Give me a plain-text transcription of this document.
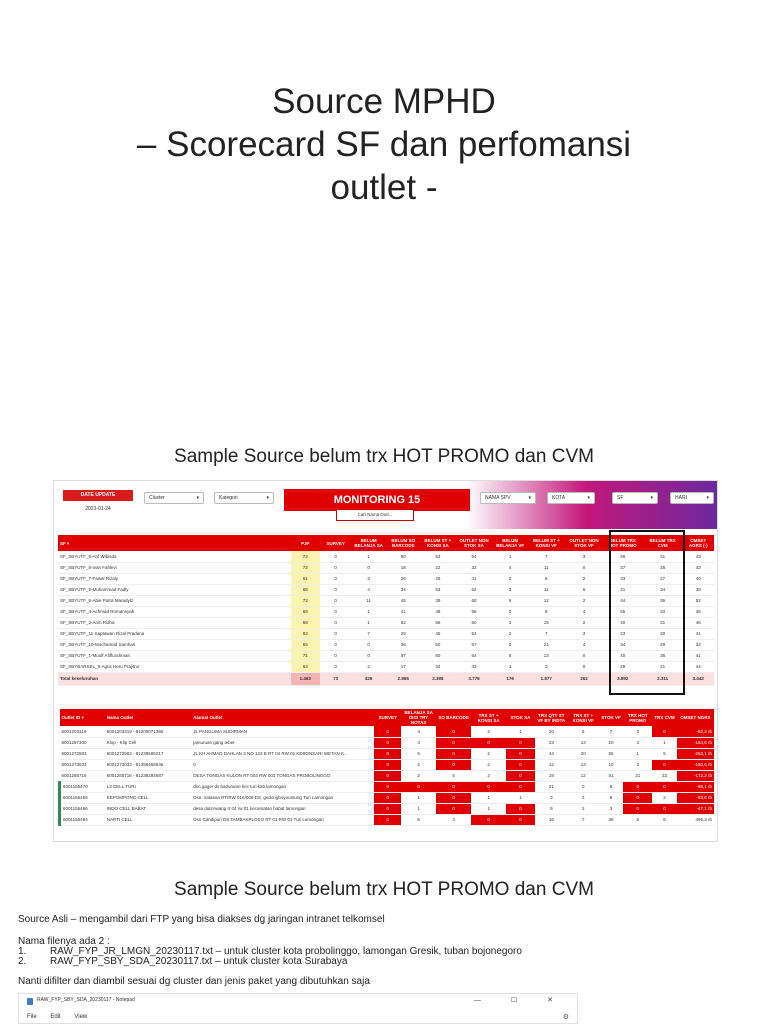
Source MPHD
– Scorecard SF dan perfomansi
outlet -
Sample Source belum trx HOT PROMO dan CVM
DATE UPDATE
2023-01-24
Cluster	▾	Kategori	▾	MONITORING 15
Cari Nama Outl...
NAMA SPV	▾	KOTA	▾	SF	▾	HARI	▾
SF ▾	PJP	SURVEY	BELUM BELANJA SA	BELUM SO BARCODE	BELUM ST + KONSI SA	OUTLET NON STOK SA	BELUM BELANJA VF	BELUM ST + KONSI VF	OUTLET NON STOK VF	BELUM TRX HOT PROMO	BELUM TRX CVM	OMSET AGRS (-)
SF_SBYUTF_5-Arif Wibisda	73	0	1	50	53	54	1	7	3	46	31	43
SF_SBYUTF_8-Ivan Fahlevi	72	0	0	18	22	32	4	11	0	37	28	43
SF_SBYUTF_7-Faisal Rizaly	61	0	3	26	29	41	0	6	2	33	27	40
SF_SBYUTF_6-Muhammad Fadly	68	0	4	34	53	62	3	11	6	41	34	39
SF_SBYUTF_5-Abie Putra Maradytz	72	0	11	46	39	60	6	12	2	44	36	52
SF_SBYUTF_4-Achmad Romansyah	69	0	1	41	48	56	0	9	4	55	33	45
SF_SBYUTF_2-Anin Ridha	68	0	1	52	56	60	3	15	2	40	31	46
SF_SBYUTF_11-Saptawan Rizal Pradana	93	0	7	29	45	53	2	7	3	23	30	41
SF_SBYUTF_10-Mochamad Samhari	65	0	0	36	50	57	0	21	4	34	29	34
SF_SBYUTF_1-Moolf Afiffurahman	71	0	0	57	60	64	5	13	0	40	36	41
SF_SBYBARSEL_9-Agus Heru Prajitno	63	0	2	17	34	43	1	0	0	29	21	44
Total keseluruhan	1.463	73	426	2.865	2.398	3.778	176	1.877	262	3.892	2.311	3.442
Outlet ID ▾	Nama Outlet	Alamat Outlet	SURVEY	BELANJA SA DIGI TRY NOTAS	SO BARCODE	TRX ST + KONSI SA	STOK SA	TRX QTY ST VF BY INDTA	TRX ST + KONSI VF	STOK VF	TRX HOT PROMO	TRX CVM	OMSET NGRS
6001203319	6001203319 - 81200071396	JL PANGLIMA SUDIRMAN	0	4	0	2	1	20	5	7	3	0	-82,2 rb
6001297300	Klop - Klip Cell	jamuruan gang teber	0	3	0	0	0	23	13	20	2	1	-154,6 rb
6001272583	6001272583 - 81239595217	JL KH AHMAD DAHLAN 3 NO 123 B RT 04 RW 01 KEBONSARI WETAN K...	0	5	0	2	0	44	20	55	1	5	-263,1 rb
6001273033	6001273033 - 81356458846	0	0	2	0	2	0	12	13	10	3	0	-150,6 rb
6001265716	6001265716 - 81238294687	DESA TONGAS KULON RT 003 RW 003 TONGAS PROBOLINGGO	0	2	5	2	0	19	12	91	21	22	-172,2 rb
6001156470	L3 CELL TURI	dsn.gager ds badurame kec turi kab lamongan	0	0	0	0	0	21	0	5	0	0	-96,1 rb
6001156465	KEPOMPONG CELL	Dsn. nataean RT/RW 016/008 DS. gedongboyountung Turi Lamongan	0	1	0	1	1	3	2	8	0	2	-93,6 rb
6001156466	INDO CELL BABAT	desa dutirowang rt 04 rw 01 kecamatan babat lamongan	0	1	0	1	0	9	2	3	0	0	-47,1 rb
6001156464	NARTI CELL	Dsn Candipuri DS TAMBAKPLOSO RT 01 RW 01 Turi Lamongan	0	6	3	0	0	16	7	38	5	6	496,3 rb
Sample Source belum trx HOT PROMO dan CVM
Source Asli – mengambil dari FTP yang bisa diakses dg jaringan intranet telkomsel
Nama filenya ada 2 :
1. RAW_FYP_JR_LMGN_20230117.txt – untuk cluster kota probolinggo, lamongan Gresik, tuban bojonegoro
2. RAW_FYP_SBY_SDA_20230117.txt – untuk cluster kota Surabaya
Nanti difilter dan diambil sesuai dg cluster dan jenis paket yang dibutuhkan saja
RAW_FYP_SBY_SDA_20230117 - Notepad	— ☐ ✕
File Edit View	⚙
